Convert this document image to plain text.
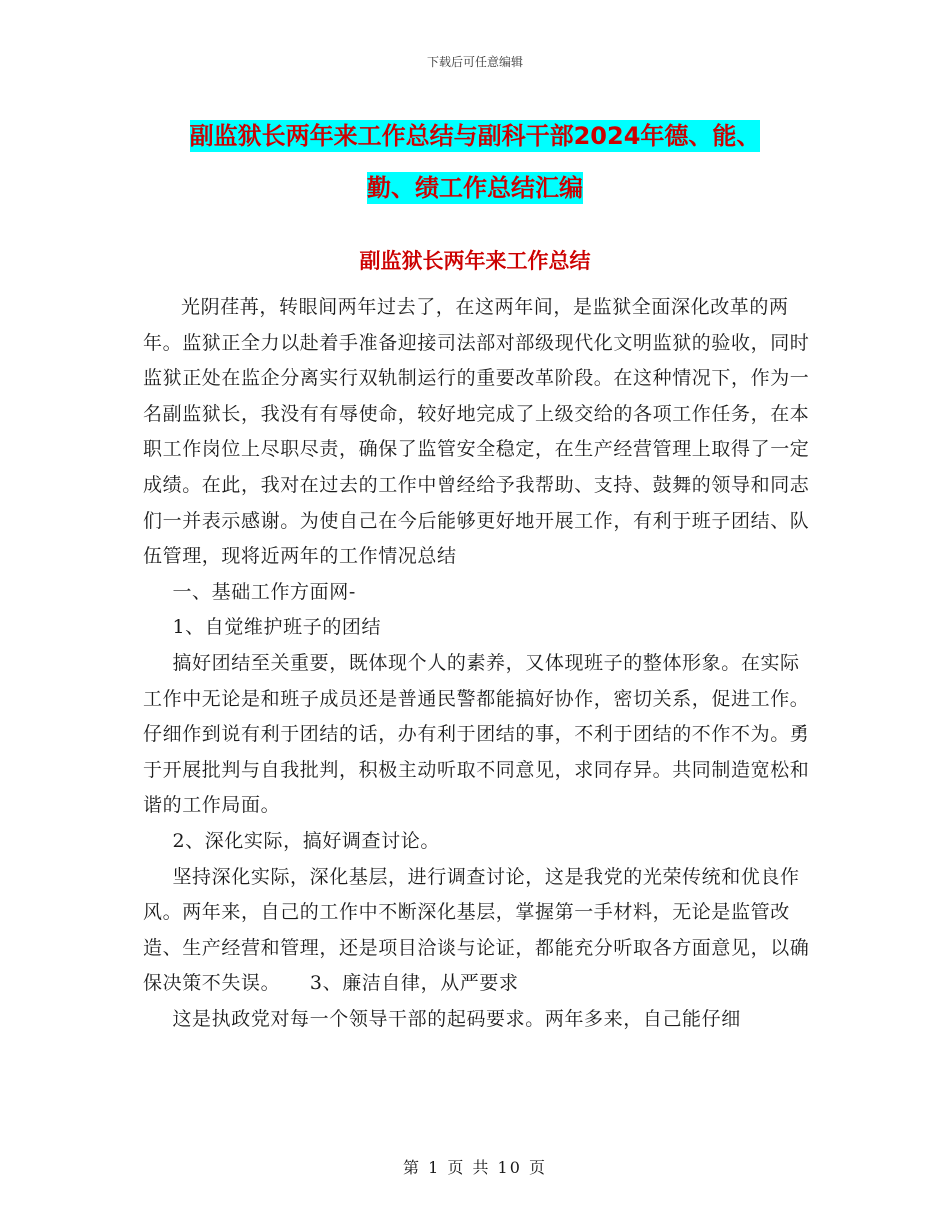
下载后可任意编辑
副监狱长两年来工作总结与副科干部2024年德、能、
勤、绩工作总结汇编
副监狱长两年来工作总结

光阴荏苒，转眼间两年过去了，在这两年间，是监狱全面深化改革的两年。监狱正全力以赴着手准备迎接司法部对部级现代化文明监狱的验收，同时监狱正处在监企分离实行双轨制运行的重要改革阶段。在这种情况下，作为一名副监狱长，我没有有辱使命，较好地完成了上级交给的各项工作任务，在本职工作岗位上尽职尽责，确保了监管安全稳定，在生产经营管理上取得了一定成绩。在此，我对在过去的工作中曾经给予我帮助、支持、鼓舞的领导和同志们一并表示感谢。为使自己在今后能够更好地开展工作，有利于班子团结、队伍管理，现将近两年的工作情况总结

一、基础工作方面网-

1、自觉维护班子的团结

搞好团结至关重要，既体现个人的素养，又体现班子的整体形象。在实际工作中无论是和班子成员还是普通民警都能搞好协作，密切关系，促进工作。仔细作到说有利于团结的话，办有利于团结的事，不利于团结的不作不为。勇于开展批判与自我批判，积极主动听取不同意见，求同存异。共同制造宽松和谐的工作局面。

2、深化实际，搞好调查讨论。

坚持深化实际，深化基层，进行调查讨论，这是我党的光荣传统和优良作风。两年来，自己的工作中不断深化基层，掌握第一手材料，无论是监管改造、生产经营和管理，还是项目洽谈与论证，都能充分听取各方面意见，以确保决策不失误。　　3、廉洁自律，从严要求

这是执政党对每一个领导干部的起码要求。两年多来，自己能仔细

第 1 页 共 10 页
